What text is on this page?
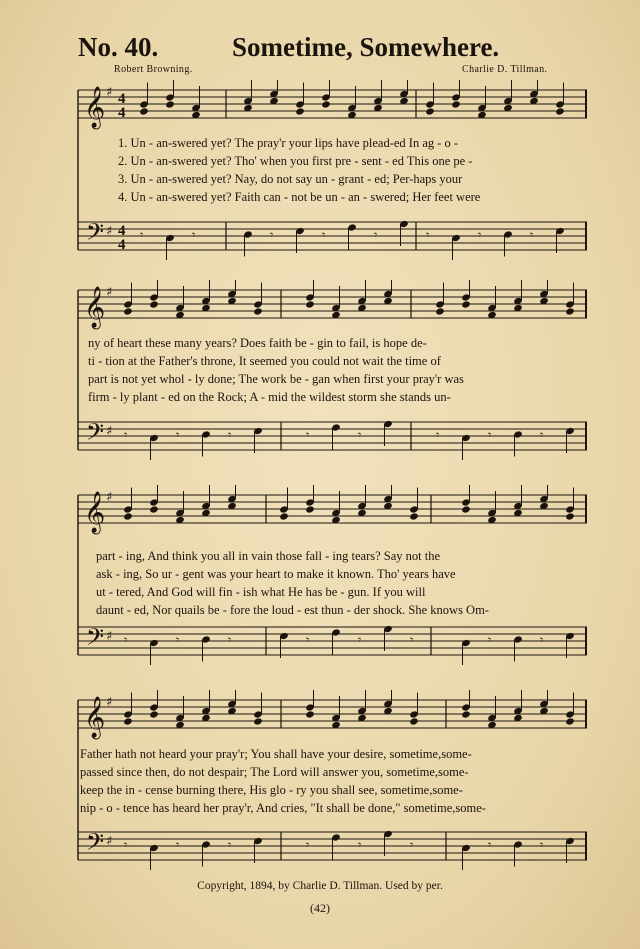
No. 40.	Sometime, Somewhere.
Robert Browning.	Charlie D. Tillman.
𝄞
𝄢
♯
♯
4
4
4
4
𝄾	𝄾	𝄾	𝄾	𝄾	𝄾	𝄾	𝄾
1. Un - an-swered yet? The pray'r your lips have plead-ed In ag - o -
2. Un - an-swered yet? Tho' when you first pre - sent - ed This one pe -
3. Un - an-swered yet? Nay, do not say un - grant - ed; Per-haps your
4. Un - an-swered yet? Faith can - not be un - an - swered; Her feet were
𝄞
𝄢
♯
♯ 𝄾	𝄾	𝄾	𝄾	𝄾	𝄾	𝄾	𝄾
ny of heart these many years? Does faith be - gin to fail, is hope de-
ti - tion at the Father's throne, It seemed you could not wait the time of
part is not yet whol - ly done; The work be - gan when first your pray'r was
firm - ly plant - ed on the Rock; A - mid the wildest storm she stands un-
𝄞
𝄢
♯
♯ 𝄾	𝄾	𝄾	𝄾	𝄾	𝄾	𝄾	𝄾
part - ing, And think you all in vain those fall - ing tears? Say not the
ask - ing, So ur - gent was your heart to make it known. Tho' years have
ut - tered, And God will fin - ish what He has be - gun. If you will
daunt - ed, Nor quails be - fore the loud - est thun - der shock. She knows Om-
𝄞
𝄢
♯
♯ 𝄾	𝄾	𝄾	𝄾	𝄾	𝄾	𝄾	𝄾
Father hath not heard your pray'r; You shall have your desire, sometime,some-
passed since then, do not despair; The Lord will answer you, sometime,some-
keep the in - cense burning there, His glo - ry you shall see, sometime,some-
nip - o - tence has heard her pray'r, And cries, "It shall be done," sometime,some-
Copyright, 1894, by Charlie D. Tillman. Used by per.
(42)
